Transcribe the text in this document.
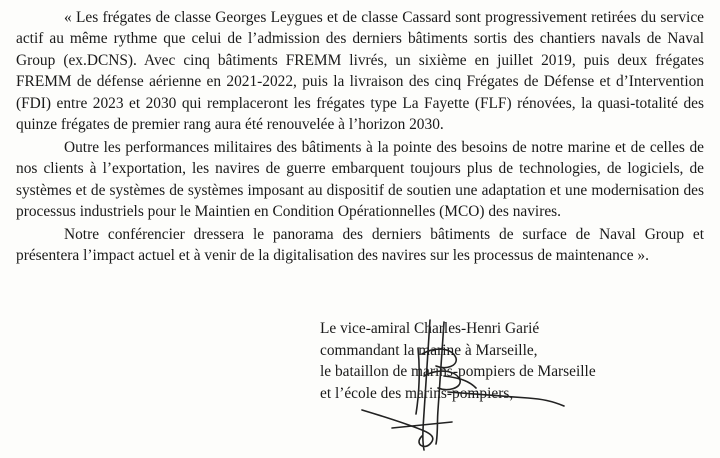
« Les frégates de classe Georges Leygues et de classe Cassard sont progressivement retirées du service actif au même rythme que celui de l’admission des derniers bâtiments sortis des chantiers navals de Naval Group (ex.DCNS). Avec cinq bâtiments FREMM livrés, un sixième en juillet 2019, puis deux frégates FREMM de défense aérienne en 2021-2022, puis la livraison des cinq Frégates de Défense et d’Intervention (FDI) entre 2023 et 2030 qui remplaceront les frégates type La Fayette (FLF) rénovées, la quasi-totalité des quinze frégates de premier rang aura été renouvelée à l’horizon 2030.

Outre les performances militaires des bâtiments à la pointe des besoins de notre marine et de celles de nos clients à l’exportation, les navires de guerre embarquent toujours plus de technologies, de logiciels, de systèmes et de systèmes de systèmes imposant au dispositif de soutien une adaptation et une modernisation des processus industriels pour le Maintien en Condition Opérationnelles (MCO) des navires.

Notre conférencier dressera le panorama des derniers bâtiments de surface de Naval Group et présentera l’impact actuel et à venir de la digitalisation des navires sur les processus de maintenance ».

Le vice-amiral Charles-Henri Garié
commandant la marine à Marseille,
le bataillon de marins-pompiers de Marseille
et l’école des marins-pompiers,
